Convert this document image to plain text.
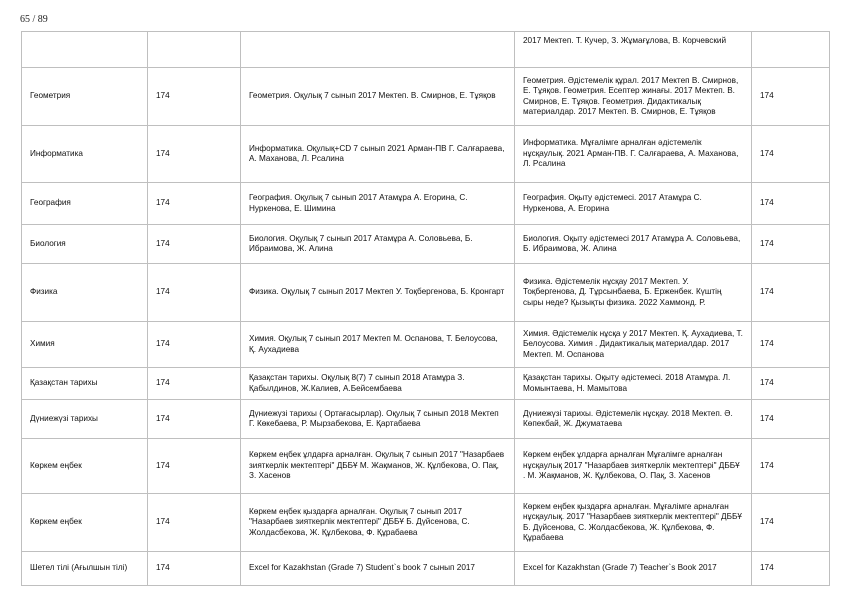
65 / 89
			2017 Мектеп. Т. Кучер, З. Жұмағұлова, В. Корчевский	
Геометрия	174	Геометрия. Оқулық 7 сынып 2017 Мектеп. В. Смирнов, Е. Тұяқов	Геометрия. Әдістемелік құрал. 2017 Мектеп В. Смирнов, Е. Тұяқов. Геометрия. Есептер жинағы. 2017 Мектеп. В. Смирнов, Е. Тұяқов. Геометрия. Дидактикалық материалдар. 2017 Мектеп. В. Смирнов, Е. Тұяқов	174
Информатика	174	Информатика. Оқулық+CD 7 сынып 2021 Арман-ПВ Г. Салғараева, А. Маханова, Л. Рсалина	Информатика. Мұғалімге арналған әдістемелік нұсқаулық. 2021 Арман-ПВ. Г. Салғараева, А. Маханова, Л. Рсалина	174
География	174	География. Оқулық 7 сынып 2017 Атамұра А. Егорина, С. Нуркенова, Е. Шимина	География. Оқыту әдістемесі. 2017 Атамұра С. Нуркенова, А. Егорина	174
Биология	174	Биология. Оқулық 7 сынып 2017 Атамұра А. Соловьева, Б. Ибраимова, Ж. Алина	Биология. Оқыту әдістемесі 2017 Атамұра А. Соловьева, Б. Ибраимова, Ж. Алина	174
Физика	174	Физика. Оқулық 7 сынып 2017 Мектеп У. Тоқбергенова, Б. Кронгарт	Физика. Әдістемелік нұсқау 2017 Мектеп. У. Тоқбергенова, Д. Тұрсынбаева, Б. Ерженбек. Күштің сыры неде? Қызықты физика. 2022 Хаммонд. Р.	174
Химия	174	Химия. Оқулық 7 сынып 2017 Мектеп М. Оспанова, Т. Белоусова, Қ. Аухадиева	Химия. Әдістемелік нұсқа у 2017 Мектеп. Қ. Аухадиева, Т. Белоусова. Химия . Дидактикалық материалдар. 2017 Мектеп. М. Оспанова	174
Қазақстан тарихы	174	Қазақстан тарихы. Оқулық 8(7) 7 сынып 2018 Атамұра З. Қабылдинов, Ж.Калиев, А.Бейсембаева	Қазақстан тарихы. Оқыту әдістемесі. 2018 Атамұра. Л. Момынтаева, Н. Мамытова	174
Дүниежүзі тарихы	174	Дүниежүзі тарихы ( Ортағасырлар). Оқулық 7 сынып 2018 Мектеп Г. Көкебаева, Р. Мырзабекова, Е. Қартабаева	Дүниежүзі тарихы. Әдістемелік нұсқау. 2018 Мектеп. Ә. Көпекбай, Ж. Джуматаева	174
Көркем еңбек	174	Көркем еңбек ұлдарға арналған. Оқулық 7 сынып 2017 "Назарбаев зияткерлік мектептері" ДББҰ М. Жақманов, Ж. Құлбекова, О. Пақ, З. Хасенов	Көркем еңбек ұлдарға арналған Мұғалімге арналған нұсқаулық 2017 "Назарбаев зияткерлік мектептері" ДББҰ . М. Жақманов, Ж. Құлбекова, О. Пақ, З. Хасенов	174
Көркем еңбек	174	Көркем еңбек қыздарға арналған. Оқулық 7 сынып 2017 "Назарбаев зияткерлік мектептері" ДББҰ Б. Дүйсенова, С. Жолдасбекова, Ж. Құлбекова, Ф. Құрабаева	Көркем еңбек қыздарға арналған. Мұғалімге арналған нұсқаулық. 2017 "Назарбаев зияткерлік мектептері" ДББҰ Б. Дүйсенова, С. Жолдасбекова, Ж. Құлбекова, Ф. Құрабаева	174
Шетел тілі (Ағылшын тілі)	174	Excel for Kazakhstan (Grade 7) Student`s book 7 сынып 2017	Excel for Kazakhstan (Grade 7) Teacher`s Book 2017	174
